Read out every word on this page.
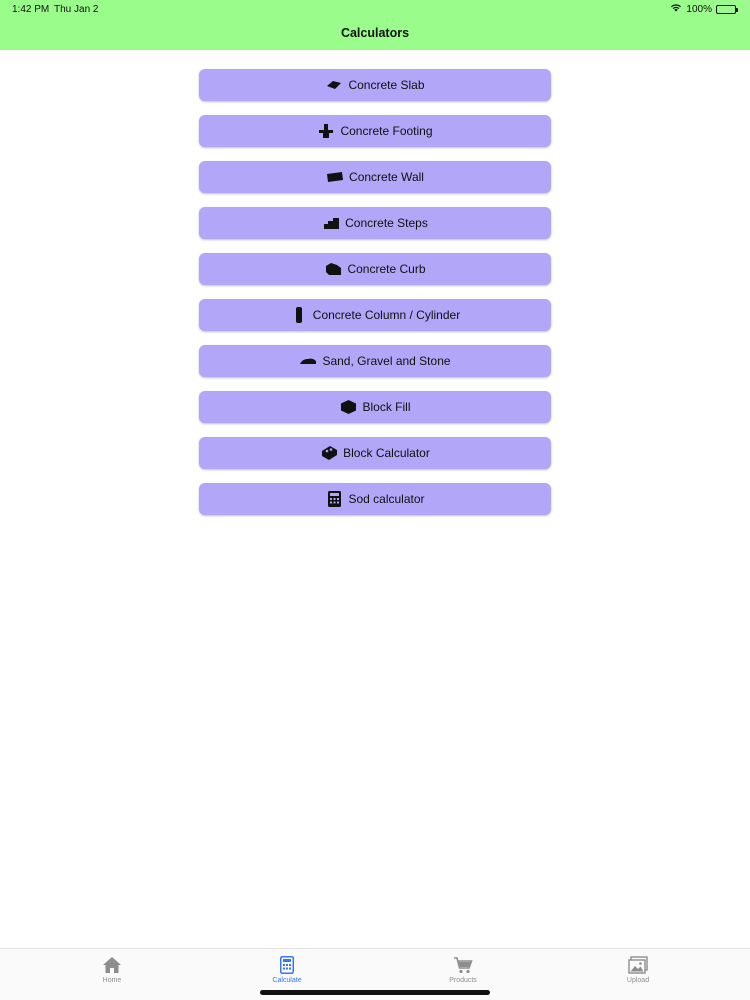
1:42 PM Thu Jan 2	100%
Calculators
Concrete Slab
Concrete Footing
Concrete Wall
Concrete Steps
Concrete Curb
Concrete Column / Cylinder
Sand, Gravel and Stone
Block Fill
Block Calculator
Sod calculator
Home	Calculate	Products	Upload
